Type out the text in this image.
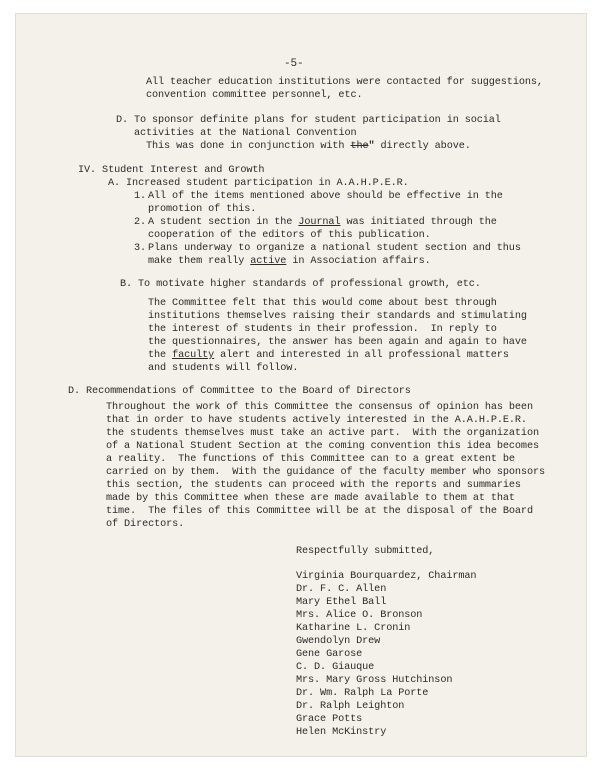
-5-
All teacher education institutions were contacted for suggestions,
convention committee personnel, etc.
D. To sponsor definite plans for student participation in social
activities at the National Convention
This was done in conjunction with the" directly above.
IV. Student Interest and Growth
A. Increased student participation in A.A.H.P.E.R.
1. All of the items mentioned above should be effective in the
promotion of this.
2. A student section in the Journal was initiated through the
cooperation of the editors of this publication.
3. Plans underway to organize a national student section and thus
make them really active in Association affairs.
B. To motivate higher standards of professional growth, etc.
The Committee felt that this would come about best through
institutions themselves raising their standards and stimulating
the interest of students in their profession.  In reply to
the questionnaires, the answer has been again and again to have
the faculty alert and interested in all professional matters
and students will follow.
D. Recommendations of Committee to the Board of Directors
Throughout the work of this Committee the consensus of opinion has been
that in order to have students actively interested in the A.A.H.P.E.R.
the students themselves must take an active part.  With the organization
of a National Student Section at the coming convention this idea becomes
a reality.  The functions of this Committee can to a great extent be
carried on by them.  With the guidance of the faculty member who sponsors
this section, the students can proceed with the reports and summaries
made by this Committee when these are made available to them at that
time.  The files of this Committee will be at the disposal of the Board
of Directors.
Respectfully submitted,
Virginia Bourquardez, Chairman
Dr. F. C. Allen
Mary Ethel Ball
Mrs. Alice O. Bronson
Katharine L. Cronin
Gwendolyn Drew
Gene Garose
C. D. Giauque
Mrs. Mary Gross Hutchinson
Dr. Wm. Ralph La Porte
Dr. Ralph Leighton
Grace Potts
Helen McKinstry
